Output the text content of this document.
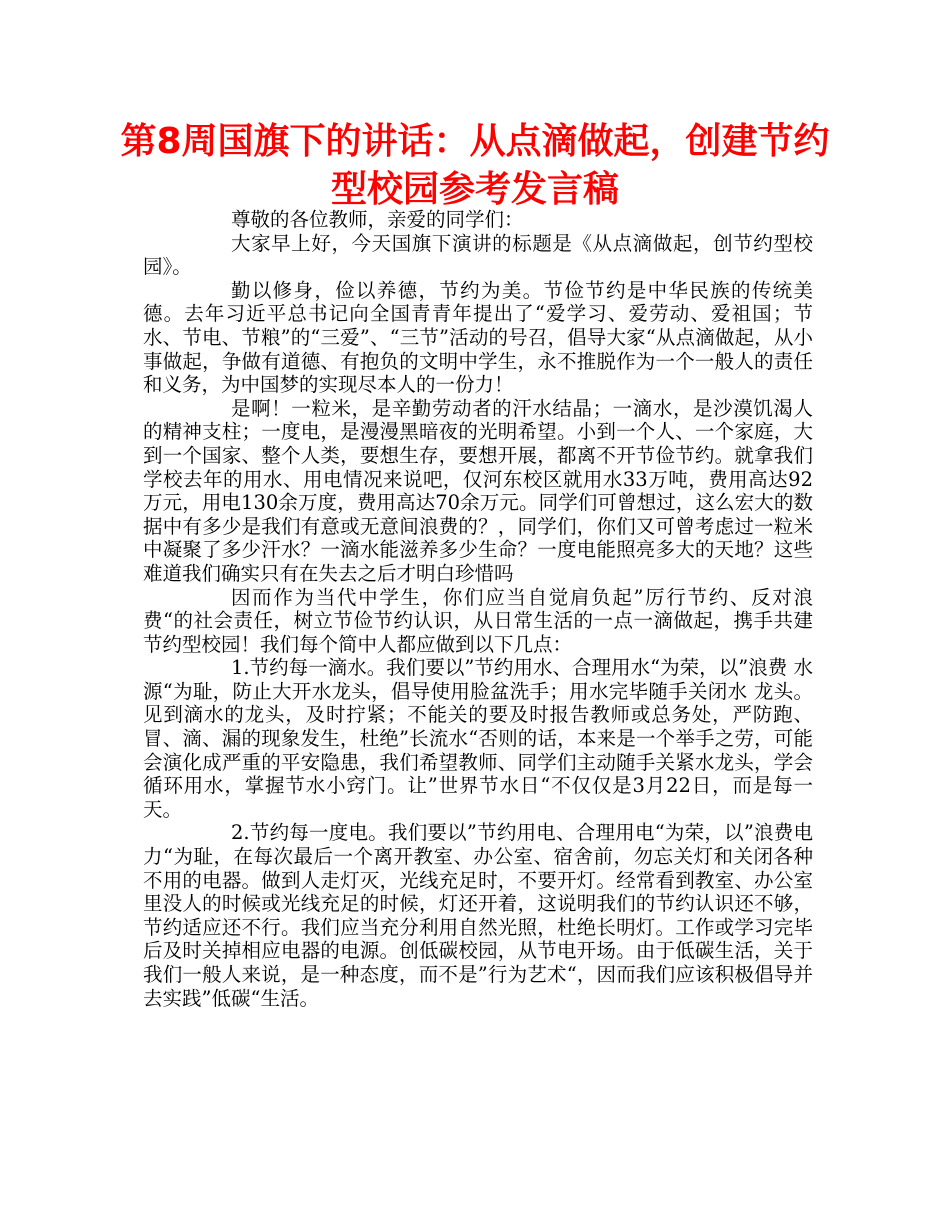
第8周国旗下的讲话：从点滴做起，创建节约型校园参考发言稿

尊敬的各位教师，亲爱的同学们：

大家早上好，今天国旗下演讲的标题是《从点滴做起，创节约型校园》。

勤以修身，俭以养德，节约为美。节俭节约是中华民族的传统美德。去年习近平总书记向全国青青年提出了“爱学习、爱劳动、爱祖国；节水、节电、节粮”的“三爱”、“三节”活动的号召，倡导大家“从点滴做起，从小事做起，争做有道德、有抱负的文明中学生，永不推脱作为一个一般人的责任和义务，为中国梦的实现尽本人的一份力！

是啊！一粒米，是辛勤劳动者的汗水结晶；一滴水，是沙漠饥渴人的精神支柱；一度电，是漫漫黑暗夜的光明希望。小到一个人、一个家庭，大到一个国家、整个人类，要想生存，要想开展，都离不开节俭节约。就拿我们学校去年的用水、用电情况来说吧，仅河东校区就用水33万吨，费用高达92万元，用电130余万度，费用高达70余万元。同学们可曾想过，这么宏大的数据中有多少是我们有意或无意间浪费的？，同学们，你们又可曾考虑过一粒米中凝聚了多少汗水？一滴水能滋养多少生命？一度电能照亮多大的天地？这些难道我们确实只有在失去之后才明白珍惜吗

因而作为当代中学生，你们应当自觉肩负起”厉行节约、反对浪费“的社会责任，树立节俭节约认识，从日常生活的一点一滴做起，携手共建节约型校园！我们每个简中人都应做到以下几点：

1.节约每一滴水。我们要以”节约用水、合理用水“为荣，以”浪费 水源“为耻，防止大开水龙头，倡导使用脸盆洗手；用水完毕随手关闭水 龙头。见到滴水的龙头，及时拧紧；不能关的要及时报告教师或总务处，严防跑、冒、滴、漏的现象发生，杜绝”长流水“否则的话，本来是一个举手之劳，可能会演化成严重的平安隐患，我们希望教师、同学们主动随手关紧水龙头，学会循环用水，掌握节水小窍门。让”世界节水日“不仅仅是3月22日，而是每一天。

2.节约每一度电。我们要以”节约用电、合理用电“为荣，以”浪费电力“为耻，在每次最后一个离开教室、办公室、宿舍前，勿忘关灯和关闭各种不用的电器。做到人走灯灭，光线充足时，不要开灯。经常看到教室、办公室里没人的时候或光线充足的时候，灯还开着，这说明我们的节约认识还不够，节约适应还不行。我们应当充分利用自然光照，杜绝长明灯。工作或学习完毕后及时关掉相应电器的电源。创低碳校园，从节电开场。由于低碳生活，关于我们一般人来说，是一种态度，而不是”行为艺术“，因而我们应该积极倡导并去实践”低碳“生活。
